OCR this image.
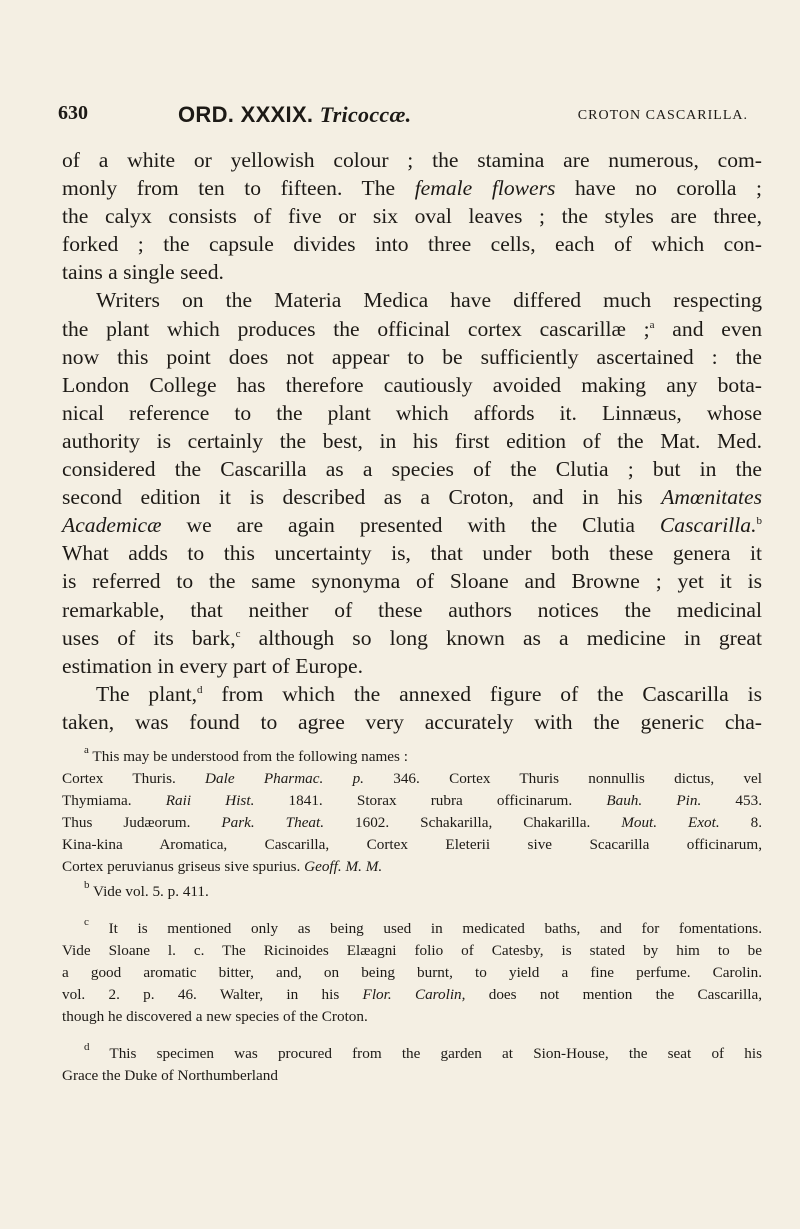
630	ORD. XXXIX. Tricoccæ.	CROTON CASCARILLA.
of a white or yellowish colour ; the stamina are numerous, com-
monly from ten to fifteen. The female flowers have no corolla ;
the calyx consists of five or six oval leaves ; the styles are three,
forked ; the capsule divides into three cells, each of which con-
tains a single seed.
Writers on the Materia Medica have differed much respecting
the plant which produces the officinal cortex cascarillæ ;$^a$ and even
now this point does not appear to be sufficiently ascertained : the
London College has therefore cautiously avoided making any bota-
nical reference to the plant which affords it. Linnæus, whose
authority is certainly the best, in his first edition of the Mat. Med.
considered the Cascarilla as a species of the Clutia ; but in the
second edition it is described as a Croton, and in his Amœnitates
Academicæ we are again presented with the Clutia Cascarilla.$^b$
What adds to this uncertainty is, that under both these genera it
is referred to the same synonyma of Sloane and Browne ; yet it is
remarkable, that neither of these authors notices the medicinal
uses of its bark,$^c$ although so long known as a medicine in great
estimation in every part of Europe.
The plant,$^d$ from which the annexed figure of the Cascarilla is
taken, was found to agree very accurately with the generic cha-
$^a$ This may be understood from the following names :
Cortex Thuris. Dale Pharmac. p. 346. Cortex Thuris nonnullis dictus, vel
Thymiama. Raii Hist. 1841. Storax rubra officinarum. Bauh. Pin. 453.
Thus Judæorum. Park. Theat. 1602. Schakarilla, Chakarilla. Mout. Exot. 8.
Kina-kina Aromatica, Cascarilla, Cortex Eleterii sive Scacarilla officinarum,
Cortex peruvianus griseus sive spurius. Geoff. M. M.
$^b$ Vide vol. 5. p. 411.
$^c$ It is mentioned only as being used in medicated baths, and for fomentations.
Vide Sloane l. c. The Ricinoides Elæagni folio of Catesby, is stated by him to be
a good aromatic bitter, and, on being burnt, to yield a fine perfume. Carolin.
vol. 2. p. 46. Walter, in his Flor. Carolin, does not mention the Cascarilla,
though he discovered a new species of the Croton.
$^d$ This specimen was procured from the garden at Sion-House, the seat of his
Grace the Duke of Northumberland
